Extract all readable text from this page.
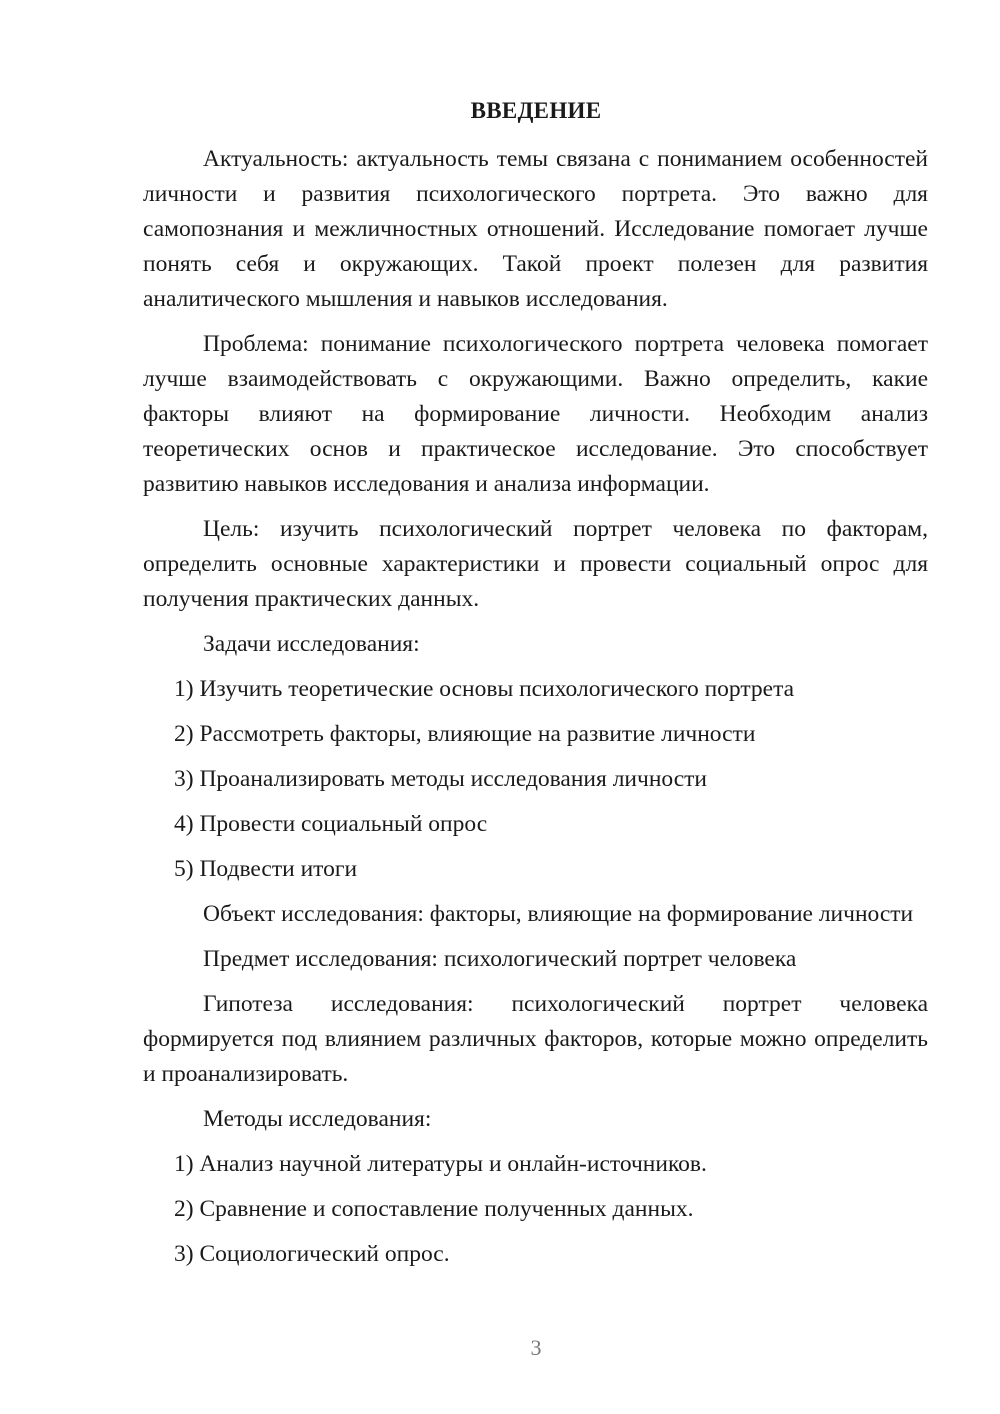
ВВЕДЕНИЕ

Актуальность: актуальность темы связана с пониманием особенностей личности и развития психологического портрета. Это важно для самопознания и межличностных отношений. Исследование помогает лучше понять себя и окружающих. Такой проект полезен для развития аналитического мышления и навыков исследования.

Проблема: понимание психологического портрета человека помогает лучше взаимодействовать с окружающими. Важно определить, какие факторы влияют на формирование личности. Необходим анализ теоретических основ и практическое исследование. Это способствует развитию навыков исследования и анализа информации.

Цель: изучить психологический портрет человека по факторам, определить основные характеристики и провести социальный опрос для получения практических данных.

Задачи исследования:

1) Изучить теоретические основы психологического портрета

2) Рассмотреть факторы, влияющие на развитие личности

3) Проанализировать методы исследования личности

4) Провести социальный опрос

5) Подвести итоги

Объект исследования: факторы, влияющие на формирование личности

Предмет исследования: психологический портрет человека

Гипотеза исследования: психологический портрет человека формируется под влиянием различных факторов, которые можно определить и проанализировать.

Методы исследования:

1) Анализ научной литературы и онлайн-источников.

2) Сравнение и сопоставление полученных данных.

3) Социологический опрос.

3
